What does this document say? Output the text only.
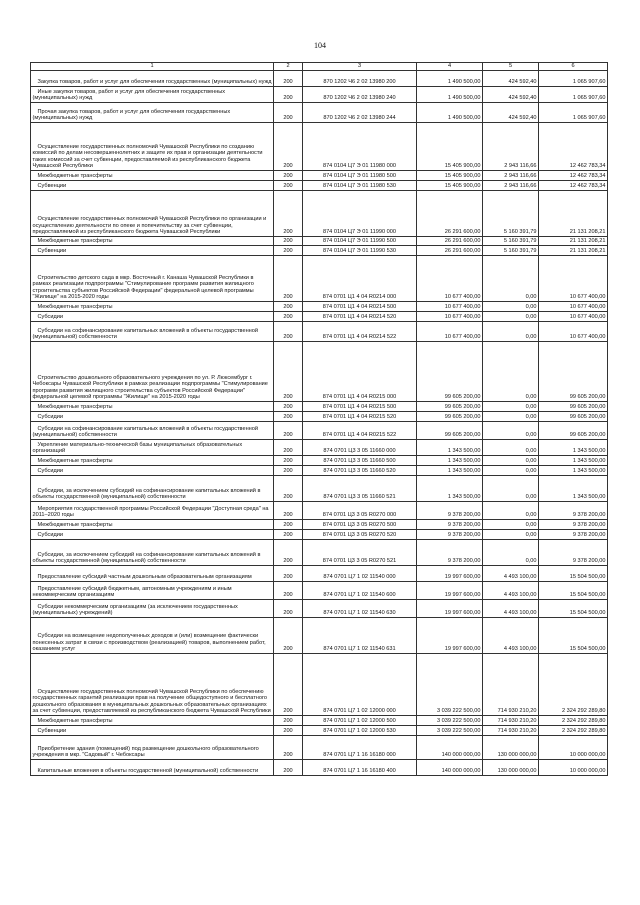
104
1	2	3	4	5	6
Закупка товаров, работ и услуг для обеспечения государственных (муниципальных) нужд	200	870 1202 Ч6 2 02 13980 200	1 490 500,00	424 592,40	1 065 907,60
Иные закупки товаров, работ и услуг для обеспечения государственных (муниципальных) нужд	200	870 1202 Ч6 2 02 13980 240	1 490 500,00	424 592,40	1 065 907,60
Прочая закупка товаров, работ и услуг для обеспечения государственных (муниципальных) нужд	200	870 1202 Ч6 2 02 13980 244	1 490 500,00	424 592,40	1 065 907,60
Осуществление государственных полномочий Чувашской Республики по созданию комиссий по делам несовершеннолетних и защите их прав и организации деятельности таких комиссий за счет субвенции, предоставляемой из республиканского бюджета Чувашской Республики	200	874 0104 Ц7 Э 01 11980 000	15 405 900,00	2 943 116,66	12 462 783,34
Межбюджетные трансферты	200	874 0104 Ц7 Э 01 11980 500	15 405 900,00	2 943 116,66	12 462 783,34
Субвенции	200	874 0104 Ц7 Э 01 11980 530	15 405 900,00	2 943 116,66	12 462 783,34
Осуществление государственных полномочий Чувашской Республики по организации и осуществлению деятельности по опеке и попечительству за счет субвенции, предоставляемой из республиканского бюджета Чувашской Республики	200	874 0104 Ц7 Э 01 11990 000	26 291 600,00	5 160 391,79	21 131 208,21
Межбюджетные трансферты	200	874 0104 Ц7 Э 01 11990 500	26 291 600,00	5 160 391,79	21 131 208,21
Субвенции	200	874 0104 Ц7 Э 01 11990 530	26 291 600,00	5 160 391,79	21 131 208,21
Строительство детского сада в мкр. Восточный г. Канаша Чувашской Республики в рамках реализации подпрограммы "Стимулирование программ развития жилищного строительства субъектов Российской Федерации" федеральной целевой программы "Жилище" на 2015-2020 годы	200	874 0701 Ц1 4 04 R0214 000	10 677 400,00	0,00	10 677 400,00
Межбюджетные трансферты	200	874 0701 Ц1 4 04 R0214 500	10 677 400,00	0,00	10 677 400,00
Субсидии	200	874 0701 Ц1 4 04 R0214 520	10 677 400,00	0,00	10 677 400,00
Субсидии на софинансирование капитальных вложений в объекты государственной (муниципальной) собственности	200	874 0701 Ц1 4 04 R0214 522	10 677 400,00	0,00	10 677 400,00
Строительство дошкольного образовательного учреждения по ул. Р. Люксембург г. Чебоксары Чувашской Республики в рамках реализации подпрограммы "Стимулирование программ развития жилищного строительства субъектов Российской Федерации" федеральной целевой программы "Жилище" на 2015-2020 годы	200	874 0701 Ц1 4 04 R0215 000	99 605 200,00	0,00	99 605 200,00
Межбюджетные трансферты	200	874 0701 Ц1 4 04 R0215 500	99 605 200,00	0,00	99 605 200,00
Субсидии	200	874 0701 Ц1 4 04 R0215 520	99 605 200,00	0,00	99 605 200,00
Субсидии на софинансирование капитальных вложений в объекты государственной (муниципальной) собственности	200	874 0701 Ц1 4 04 R0215 522	99 605 200,00	0,00	99 605 200,00
Укрепление материально-технической базы муниципальных образовательных организаций	200	874 0701 Ц3 3 05 11660 000	1 343 500,00	0,00	1 343 500,00
Межбюджетные трансферты	200	874 0701 Ц3 3 05 11660 500	1 343 500,00	0,00	1 343 500,00
Субсидии	200	874 0701 Ц3 3 05 11660 520	1 343 500,00	0,00	1 343 500,00
Субсидии, за исключением субсидий на софинансирование капитальных вложений в объекты государственной (муниципальной) собственности	200	874 0701 Ц3 3 05 11660 521	1 343 500,00	0,00	1 343 500,00
Мероприятия государственной программы Российской Федерации "Доступная среда" на 2011–2020 годы	200	874 0701 Ц3 3 05 R0270 000	9 378 200,00	0,00	9 378 200,00
Межбюджетные трансферты	200	874 0701 Ц3 3 05 R0270 500	9 378 200,00	0,00	9 378 200,00
Субсидии	200	874 0701 Ц3 3 05 R0270 520	9 378 200,00	0,00	9 378 200,00
Субсидии, за исключением субсидий на софинансирование капитальных вложений в объекты государственной (муниципальной) собственности	200	874 0701 Ц3 3 05 R0270 521	9 378 200,00	0,00	9 378 200,00
Предоставление субсидий частным дошкольным образовательным организациям	200	874 0701 Ц7 1 02 11540 000	19 997 600,00	4 493 100,00	15 504 500,00
Предоставление субсидий бюджетным, автономным учреждениям и иным некоммерческим организациям	200	874 0701 Ц7 1 02 11540 600	19 997 600,00	4 493 100,00	15 504 500,00
Субсидии некоммерческим организациям (за исключением государственных (муниципальных) учреждений)	200	874 0701 Ц7 1 02 11540 630	19 997 600,00	4 493 100,00	15 504 500,00
Субсидии на возмещение недополученных доходов и (или) возмещение фактически понесенных затрат в связи с производством (реализацией) товаров, выполнением работ, оказанием услуг	200	874 0701 Ц7 1 02 11540 631	19 997 600,00	4 493 100,00	15 504 500,00
Осуществление государственных полномочий Чувашской Республики по обеспечению государственных гарантий реализации прав на получение общедоступного и бесплатного дошкольного образования в муниципальных дошкольных образовательных организациях за счет субвенции, предоставляемой из республиканского бюджета Чувашской Республики	200	874 0701 Ц7 1 02 12000 000	3 039 222 500,00	714 930 210,20	2 324 292 289,80
Межбюджетные трансферты	200	874 0701 Ц7 1 02 12000 500	3 039 222 500,00	714 930 210,20	2 324 292 289,80
Субвенции	200	874 0701 Ц7 1 02 12000 530	3 039 222 500,00	714 930 210,20	2 324 292 289,80
Приобретение здания (помещений) под размещение дошкольного образовательного учреждения в мкр. "Садовый" г. Чебоксары	200	874 0701 Ц7 1 16 16180 000	140 000 000,00	130 000 000,00	10 000 000,00
Капитальные вложения в объекты государственной (муниципальной) собственности	200	874 0701 Ц7 1 16 16180 400	140 000 000,00	130 000 000,00	10 000 000,00
